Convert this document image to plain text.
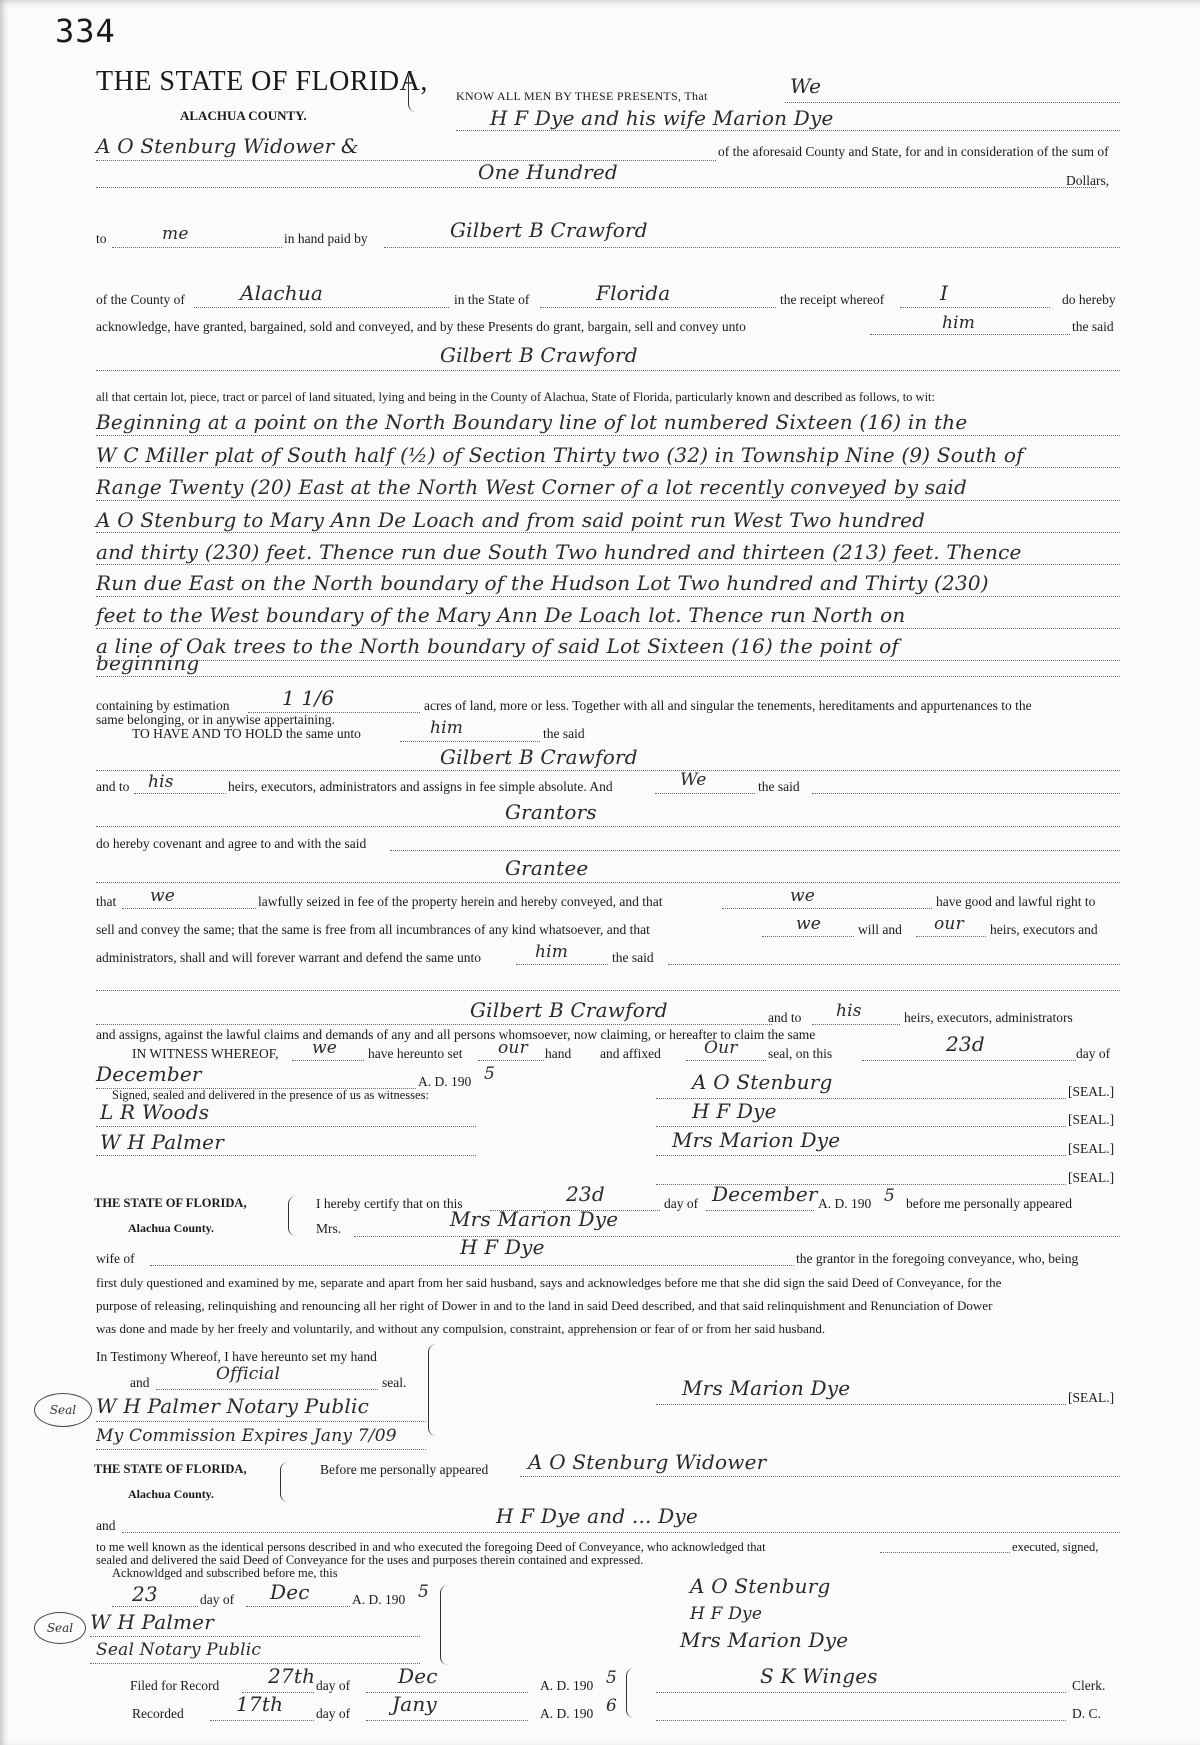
334
THE STATE OF FLORIDA,
ALACHUA COUNTY.
KNOW ALL MEN BY THESE PRESENTS, That	We
H F Dye and his wife Marion Dye
A O Stenburg Widower &	of the aforesaid County and State, for and in consideration of the sum of
One Hundred	Dollars,
to	me	in hand paid by	Gilbert B Crawford
of the County of	Alachua	in the State of	Florida	the receipt whereof	I	do hereby
acknowledge, have granted, bargained, sold and conveyed, and by these Presents do grant, bargain, sell and convey unto	him	the said
Gilbert B Crawford
all that certain lot, piece, tract or parcel of land situated, lying and being in the County of Alachua, State of Florida, particularly known and described as follows, to wit:
Beginning at a point on the North Boundary line of lot numbered Sixteen (16) in the
W C Miller plat of South half (½) of Section Thirty two (32) in Township Nine (9) South of
Range Twenty (20) East at the North West Corner of a lot recently conveyed by said
A O Stenburg to Mary Ann De Loach and from said point run West Two hundred
and thirty (230) feet. Thence run due South Two hundred and thirteen (213) feet. Thence
Run due East on the North boundary of the Hudson Lot Two hundred and Thirty (230)
feet to the West boundary of the Mary Ann De Loach lot. Thence run North on
a line of Oak trees to the North boundary of said Lot Sixteen (16) the point of
beginning
containing by estimation	1 1/6	acres of land, more or less. Together with all and singular the tenements, hereditaments and appurtenances to the
same belonging, or in anywise appertaining.
TO HAVE AND TO HOLD the same unto	him	the said
Gilbert B Crawford
and to his	heirs, executors, administrators and assigns in fee simple absolute. And	We	the said
Grantors
do hereby covenant and agree to and with the said
Grantee
that we	lawfully seized in fee of the property herein and hereby conveyed, and that	we	have good and lawful right to
sell and convey the same; that the same is free from all incumbrances of any kind whatsoever, and that	we	will and our heirs, executors and
administrators, shall and will forever warrant and defend the same unto	him	the said
Gilbert B Crawford	and to his	heirs, executors, administrators
and assigns, against the lawful claims and demands of any and all persons whomsoever, now claiming, or hereafter to claim the same
IN WITNESS WHEREOF, we have hereunto set our hand and affixed	Our seal, on this	23d	day of
December	A. D. 190 5
Signed, sealed and delivered in the presence of us as witnesses:
L R Woods
W H Palmer
A O Stenburg	[SEAL.]
H F Dye	[SEAL.]
Mrs Marion Dye	[SEAL.]
[SEAL.]
THE STATE OF FLORIDA,
Alachua County.
I hereby certify that on this	23d	day of December A. D. 190 5 before me personally appeared
Mrs.	Mrs Marion Dye
wife of	H F Dye	the grantor in the foregoing conveyance, who, being
first duly questioned and examined by me, separate and apart from her said husband, says and acknowledges before me that she did sign the said Deed of Conveyance, for the
purpose of releasing, relinquishing and renouncing all her right of Dower in and to the land in said Deed described, and that said relinquishment and Renunciation of Dower
was done and made by her freely and voluntarily, and without any compulsion, constraint, apprehension or fear of or from her said husband.
In Testimony Whereof, I have hereunto set my hand
and	Official	seal.
Seal W H Palmer Notary Public
My Commission Expires Jany 7/09
Mrs Marion Dye	[SEAL.]
THE STATE OF FLORIDA,
Alachua County.
Before me personally appeared A O Stenburg Widower
and	H F Dye and ... Dye
to me well known as the identical persons described in and who executed the foregoing Deed of Conveyance, who acknowledged that	executed, signed,
sealed and delivered the said Deed of Conveyance for the uses and purposes therein contained and expressed.
Acknowldged and subscribed before me, this
23	day of Dec	A. D. 190 5
Seal W H Palmer
Seal Notary Public
A O Stenburg
H F Dye
Mrs Marion Dye
Filed for Record 27th day of Dec	A. D. 190 5	S K Winges	Clerk.
Recorded	17th day of Jany	A. D. 190 6	D. C.
